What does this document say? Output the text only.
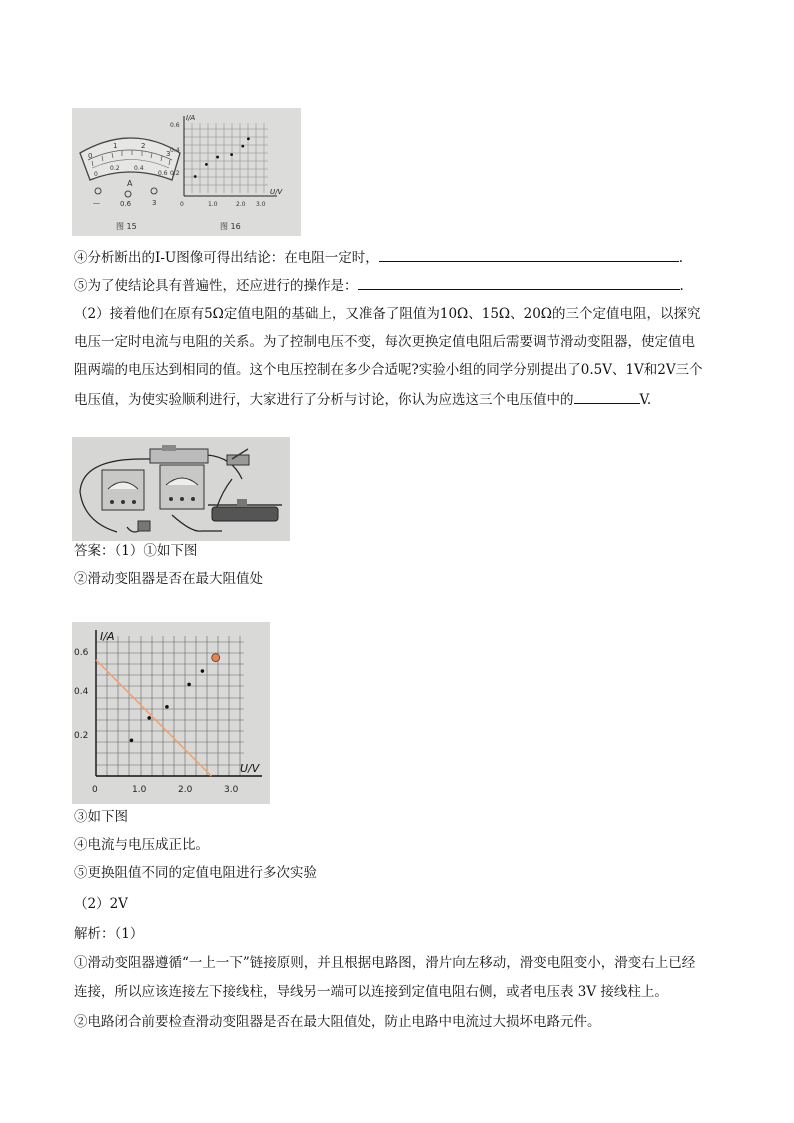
0
1	2
3
0
0.2 0.4
0.6
A
—	0.6	3
图 15
I/A
U/V
0.6
0.4
0.2
0	1.0	2.0 3.0
图 16
④分析断出的I-U图像可得出结论：在电阻一定时，	.
⑤为了使结论具有普遍性，还应进行的操作是：	.
（2）接着他们在原有5Ω定值电阻的基础上，又准备了阻值为10Ω、15Ω、20Ω的三个定值电阻，以探究
电压一定时电流与电阻的关系。为了控制电压不变，每次更换定值电阻后需要调节滑动变阻器，使定值电
阻两端的电压达到相同的值。这个电压控制在多少合适呢?实验小组的同学分别提出了0.5V、1V和2V三个
电压值，为使实验顺利进行，大家进行了分析与讨论，你认为应选这三个电压值中的	V.
答案：（1）①如下图
②滑动变阻器是否在最大阻值处
I/A
U/V
0.6
0.4
0.2
0	1.0	2.0	3.0
③如下图
④电流与电压成正比。
⑤更换阻值不同的定值电阻进行多次实验
（2）2V
解析：（1）
①滑动变阻器遵循“一上一下”链接原则，并且根据电路图，滑片向左移动，滑变电阻变小，滑变右上已经
连接，所以应该连接左下接线柱，导线另一端可以连接到定值电阻右侧，或者电压表 3V 接线柱上。
②电路闭合前要检查滑动变阻器是否在最大阻值处，防止电路中电流过大损坏电路元件。
